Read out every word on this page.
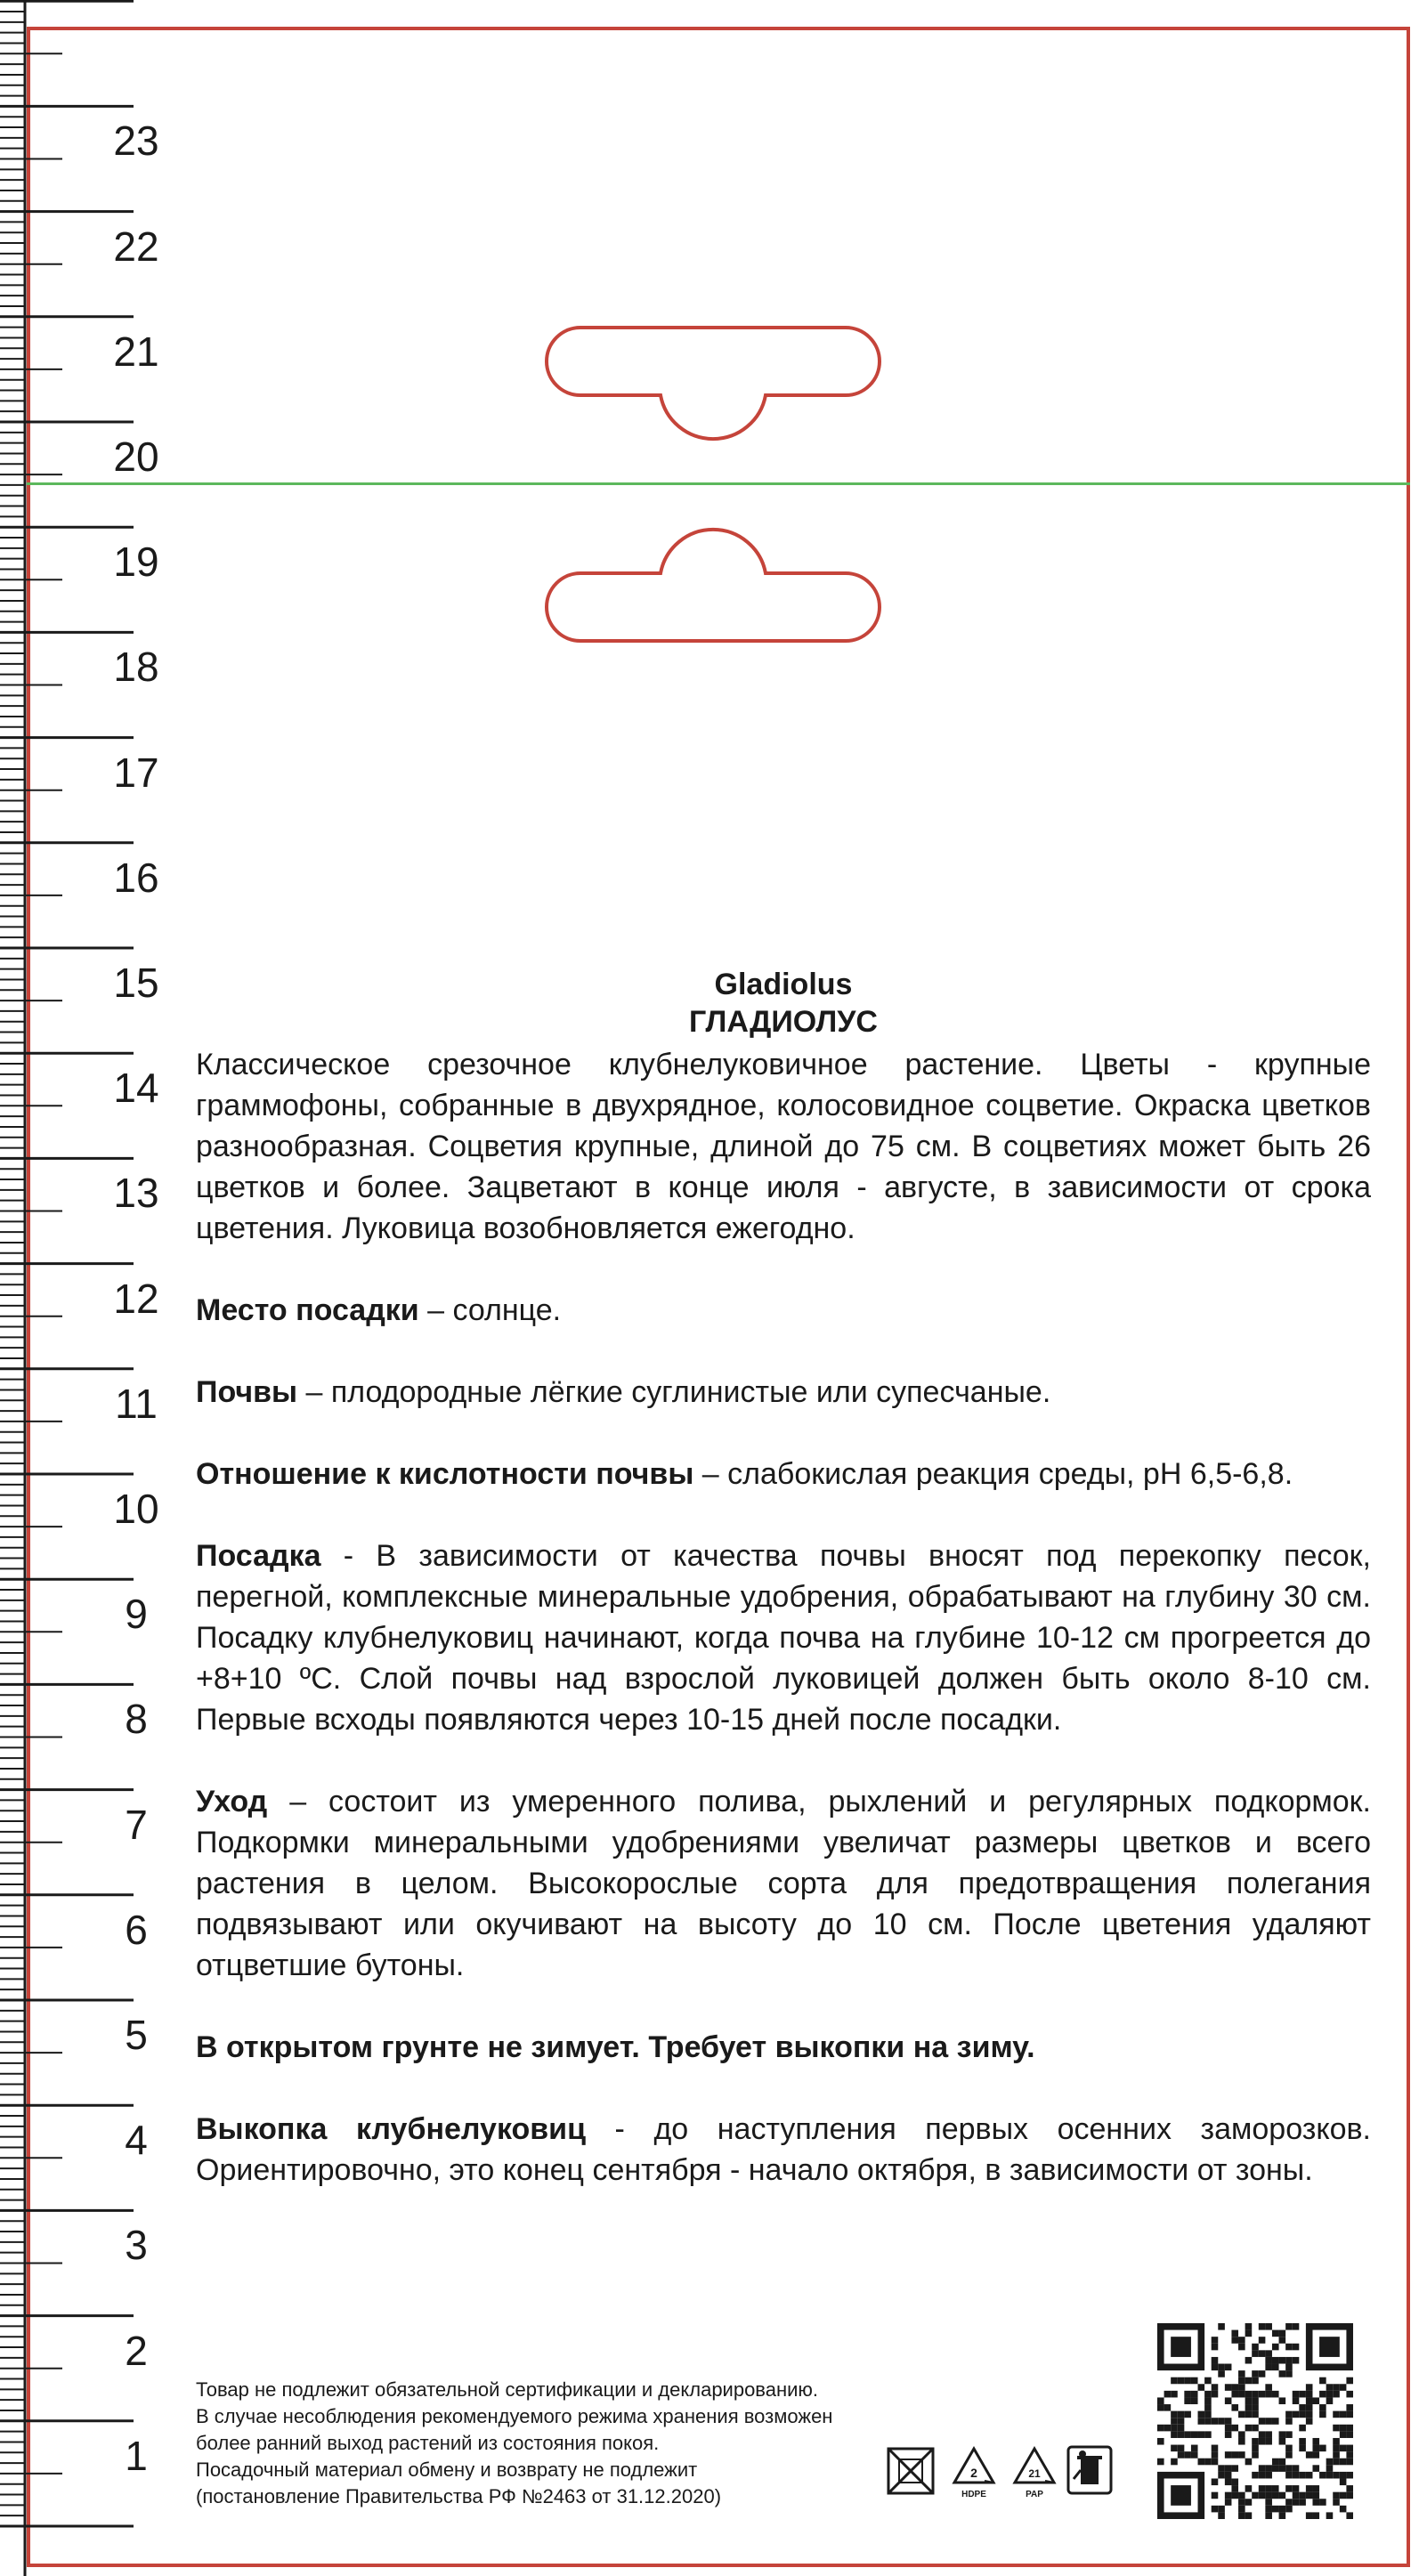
23
22
21
20
19
18
17
16
15
14
13
12
11
10
9
8
7
6
5
4
3
2
1

Gladiolus

ГЛАДИОЛУС

Классическое срезочное клубнелуковичное растение. Цветы - крупные граммофоны, собранные в двухрядное, колосовидное соцветие. Окраска цветков разнообразная. Соцветия крупные, длиной до 75 см. В соцветиях может быть 26 цветков и более. Зацветают в конце июля - августе, в зависимости от срока цветения. Луковица возобновляется ежегодно.

Место посадки – солнце.

Почвы – плодородные лёгкие суглинистые или супесчаные.

Отношение к кислотности почвы – слабокислая реакция среды, pH 6,5-6,8.

Посадка - В зависимости от качества почвы вносят под перекопку песок, перегной, комплексные минеральные удобрения, обрабатывают на глубину 30 см. Посадку клубнелуковиц начинают, когда почва на глубине 10-12 см прогреется до +8+10 ºС. Слой почвы над взрослой луковицей должен быть около 8-10 см. Первые всходы появляются через 10-15 дней после посадки.

Уход – состоит из умеренного полива, рыхлений и регулярных подкормок. Подкормки минеральными удобрениями увеличат размеры цветков и всего растения в целом. Высокорослые сорта для предотвращения полегания подвязывают или окучивают на высоту до 10 см. После цветения удаляют отцветшие бутоны.

В открытом грунте не зимует. Требует выкопки на зиму.

Выкопка клубнелуковиц - до наступления первых осенних заморозков. Ориентировочно, это конец сентября - начало октября, в зависимости от зоны.

Товар не подлежит обязательной сертификации и декларированию.

В случае несоблюдения рекомендуемого режима хранения возможен более ранний выход растений из состояния покоя.

Посадочный материал обмену и возврату не подлежит (постановление Правительства РФ №2463 от 31.12.2020)

2
HDPE
21
PAP
